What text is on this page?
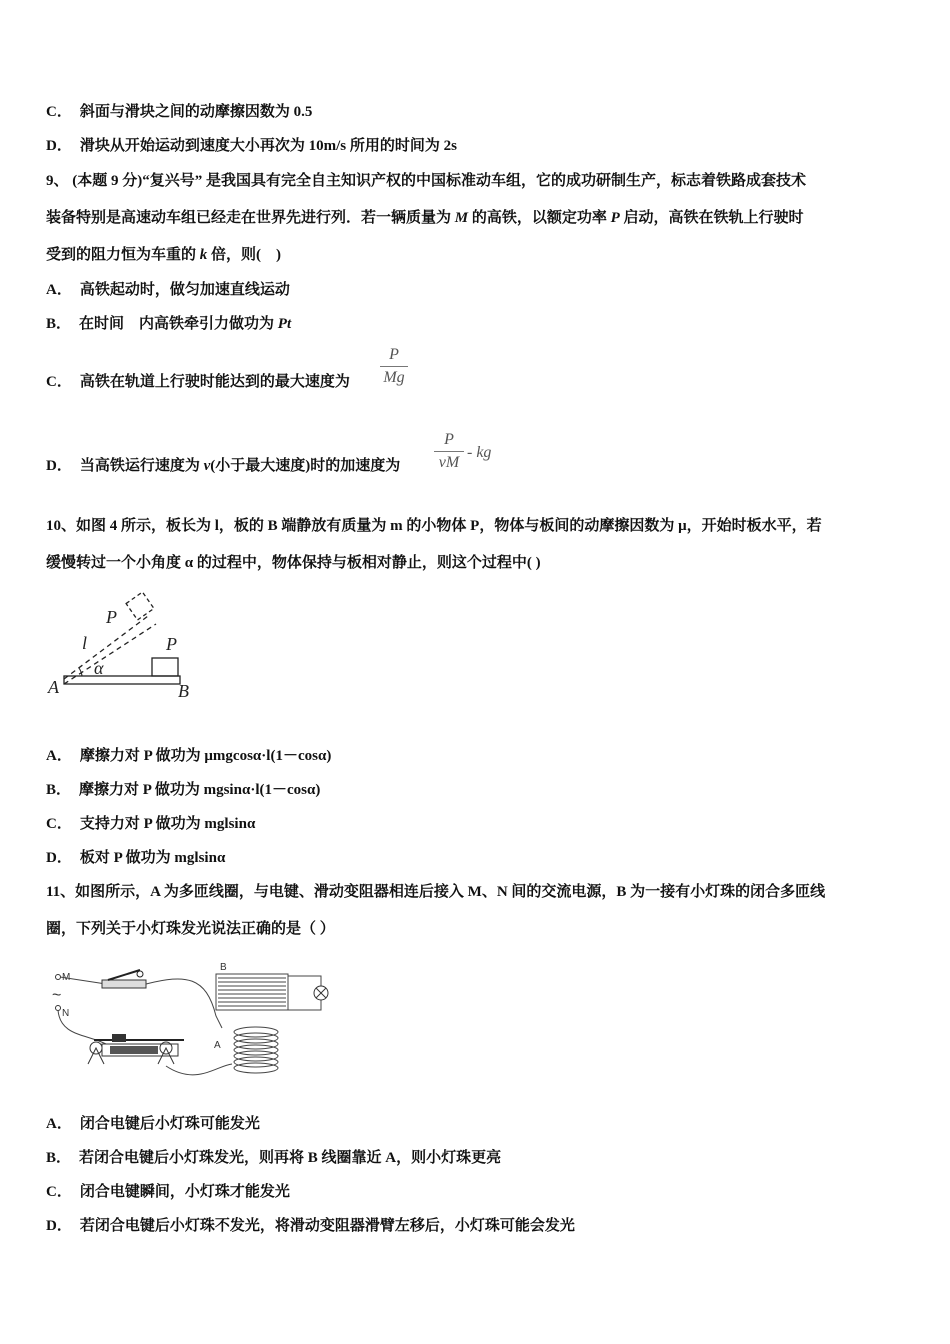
C． 斜面与滑块之间的动摩擦因数为 0.5
D． 滑块从开始运动到速度大小再次为 10m/s 所用的时间为 2s
9、 (本题 9 分)“复兴号” 是我国具有完全自主知识产权的中国标准动车组，它的成功研制生产，标志着铁路成套技术
装备特别是高速动车组已经走在世界先进行列．若一辆质量为 M 的高铁，以额定功率 P 启动，高铁在铁轨上行驶时
受到的阻力恒为车重的 k 倍，则(　)
A． 高铁起动时，做匀加速直线运动
B． 在时间　内高铁牵引力做功为 Pt
C． 高铁在轨道上行驶时能达到的最大速度为
P
Mg
D． 当高铁运行速度为 v(小于最大速度)时的加速度为
P
vM
- kg
10、如图 4 所示，板长为 l，板的 B 端静放有质量为 m 的小物体 P，物体与板间的动摩擦因数为 μ，开始时板水平，若
缓慢转过一个小角度 α 的过程中，物体保持与板相对静止，则这个过程中( )
P
l	P
α
A	B
A． 摩擦力对 P 做功为 μmgcosα·l(1－cosα)
B． 摩擦力对 P 做功为 mgsinα·l(1－cosα)
C． 支持力对 P 做功为 mglsinα
D． 板对 P 做功为 mglsinα
11、如图所示，A 为多匝线圈，与电键、滑动变阻器相连后接入 M、N 间的交流电源，B 为一接有小灯珠的闭合多匝线
圈，下列关于小灯珠发光说法正确的是（ ）
M
~
N
B
A
A． 闭合电键后小灯珠可能发光
B． 若闭合电键后小灯珠发光，则再将 B 线圈靠近 A，则小灯珠更亮
C． 闭合电键瞬间，小灯珠才能发光
D． 若闭合电键后小灯珠不发光，将滑动变阻器滑臂左移后，小灯珠可能会发光
